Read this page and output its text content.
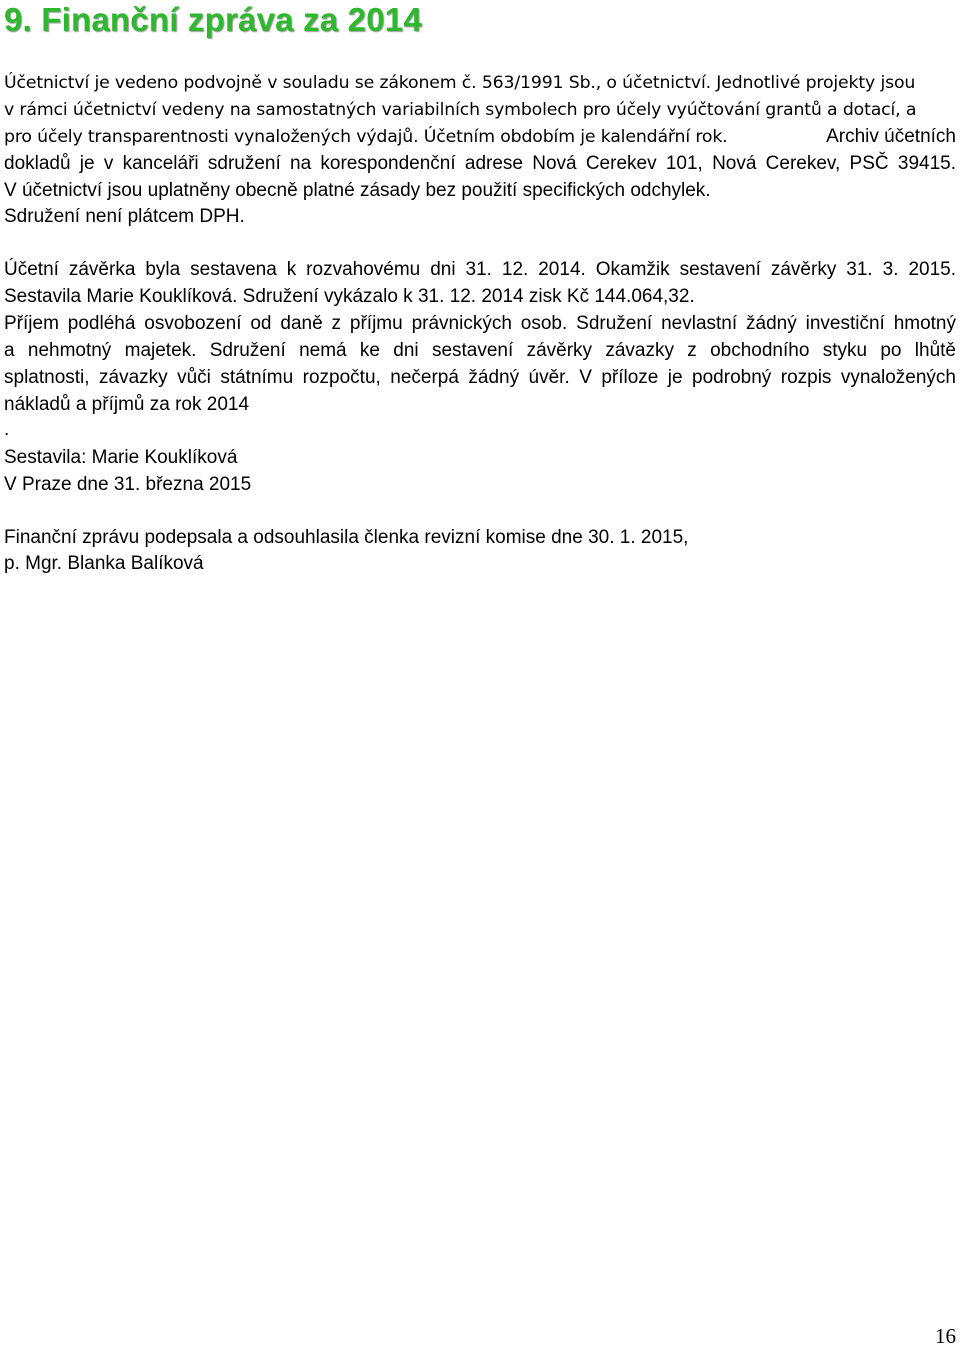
9. Finanční zpráva za 2014

Účetnictví je vedeno podvojně v souladu se zákonem č. 563/1991 Sb., o účetnictví. Jednotlivé projekty jsou

v rámci účetnictví vedeny na samostatných variabilních symbolech pro účely vyúčtování grantů a dotací, a

pro účely transparentnosti vynaložených výdajů. Účetním obdobím je kalendářní rok.	Archiv účetních

dokladů je v kanceláři sdružení na korespondenční adrese Nová Cerekev 101, Nová Cerekev, PSČ 39415.

V účetnictví jsou uplatněny obecně platné zásady bez použití specifických odchylek.

Sdružení není plátcem DPH.

Účetní závěrka byla sestavena k rozvahovému dni 31. 12. 2014. Okamžik sestavení závěrky 31. 3. 2015.

Sestavila Marie Kouklíková. Sdružení vykázalo k 31. 12. 2014 zisk Kč 144.064,32.

Příjem podléhá osvobození od daně z příjmu právnických osob. Sdružení nevlastní žádný investiční hmotný

a nehmotný majetek. Sdružení nemá ke dni sestavení závěrky závazky z obchodního styku po lhůtě

splatnosti, závazky vůči státnímu rozpočtu, nečerpá žádný úvěr. V příloze je podrobný rozpis vynaložených

nákladů a příjmů za rok 2014

.

Sestavila: Marie Kouklíková

V Praze dne 31. března 2015

Finanční zprávu podepsala a odsouhlasila členka revizní komise dne 30. 1. 2015,

p. Mgr. Blanka Balíková

16
